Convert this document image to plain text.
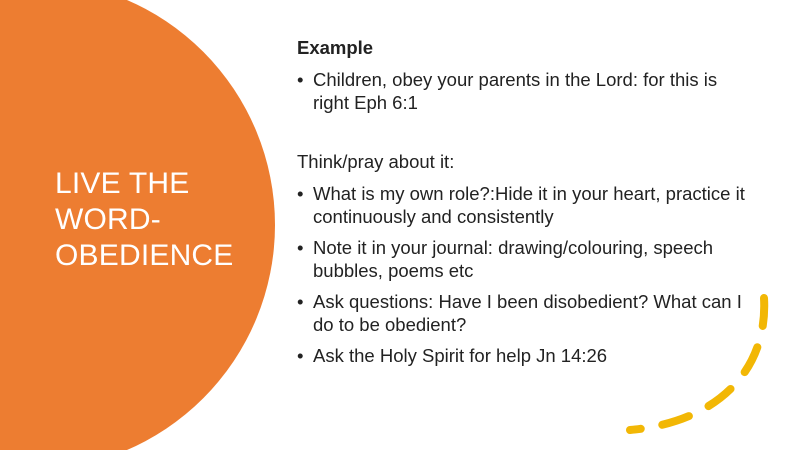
LIVE THE
WORD-
OBEDIENCE
Example
• Children, obey your parents in the Lord: for this is right Eph 6:1
Think/pray about it:
• What is my own role?:Hide it in your heart, practice it continuously and consistently
• Note it in your journal: drawing/colouring, speech bubbles, poems etc
• Ask questions: Have I been disobedient? What can I do to be obedient?
• Ask the Holy Spirit for help Jn 14:26
